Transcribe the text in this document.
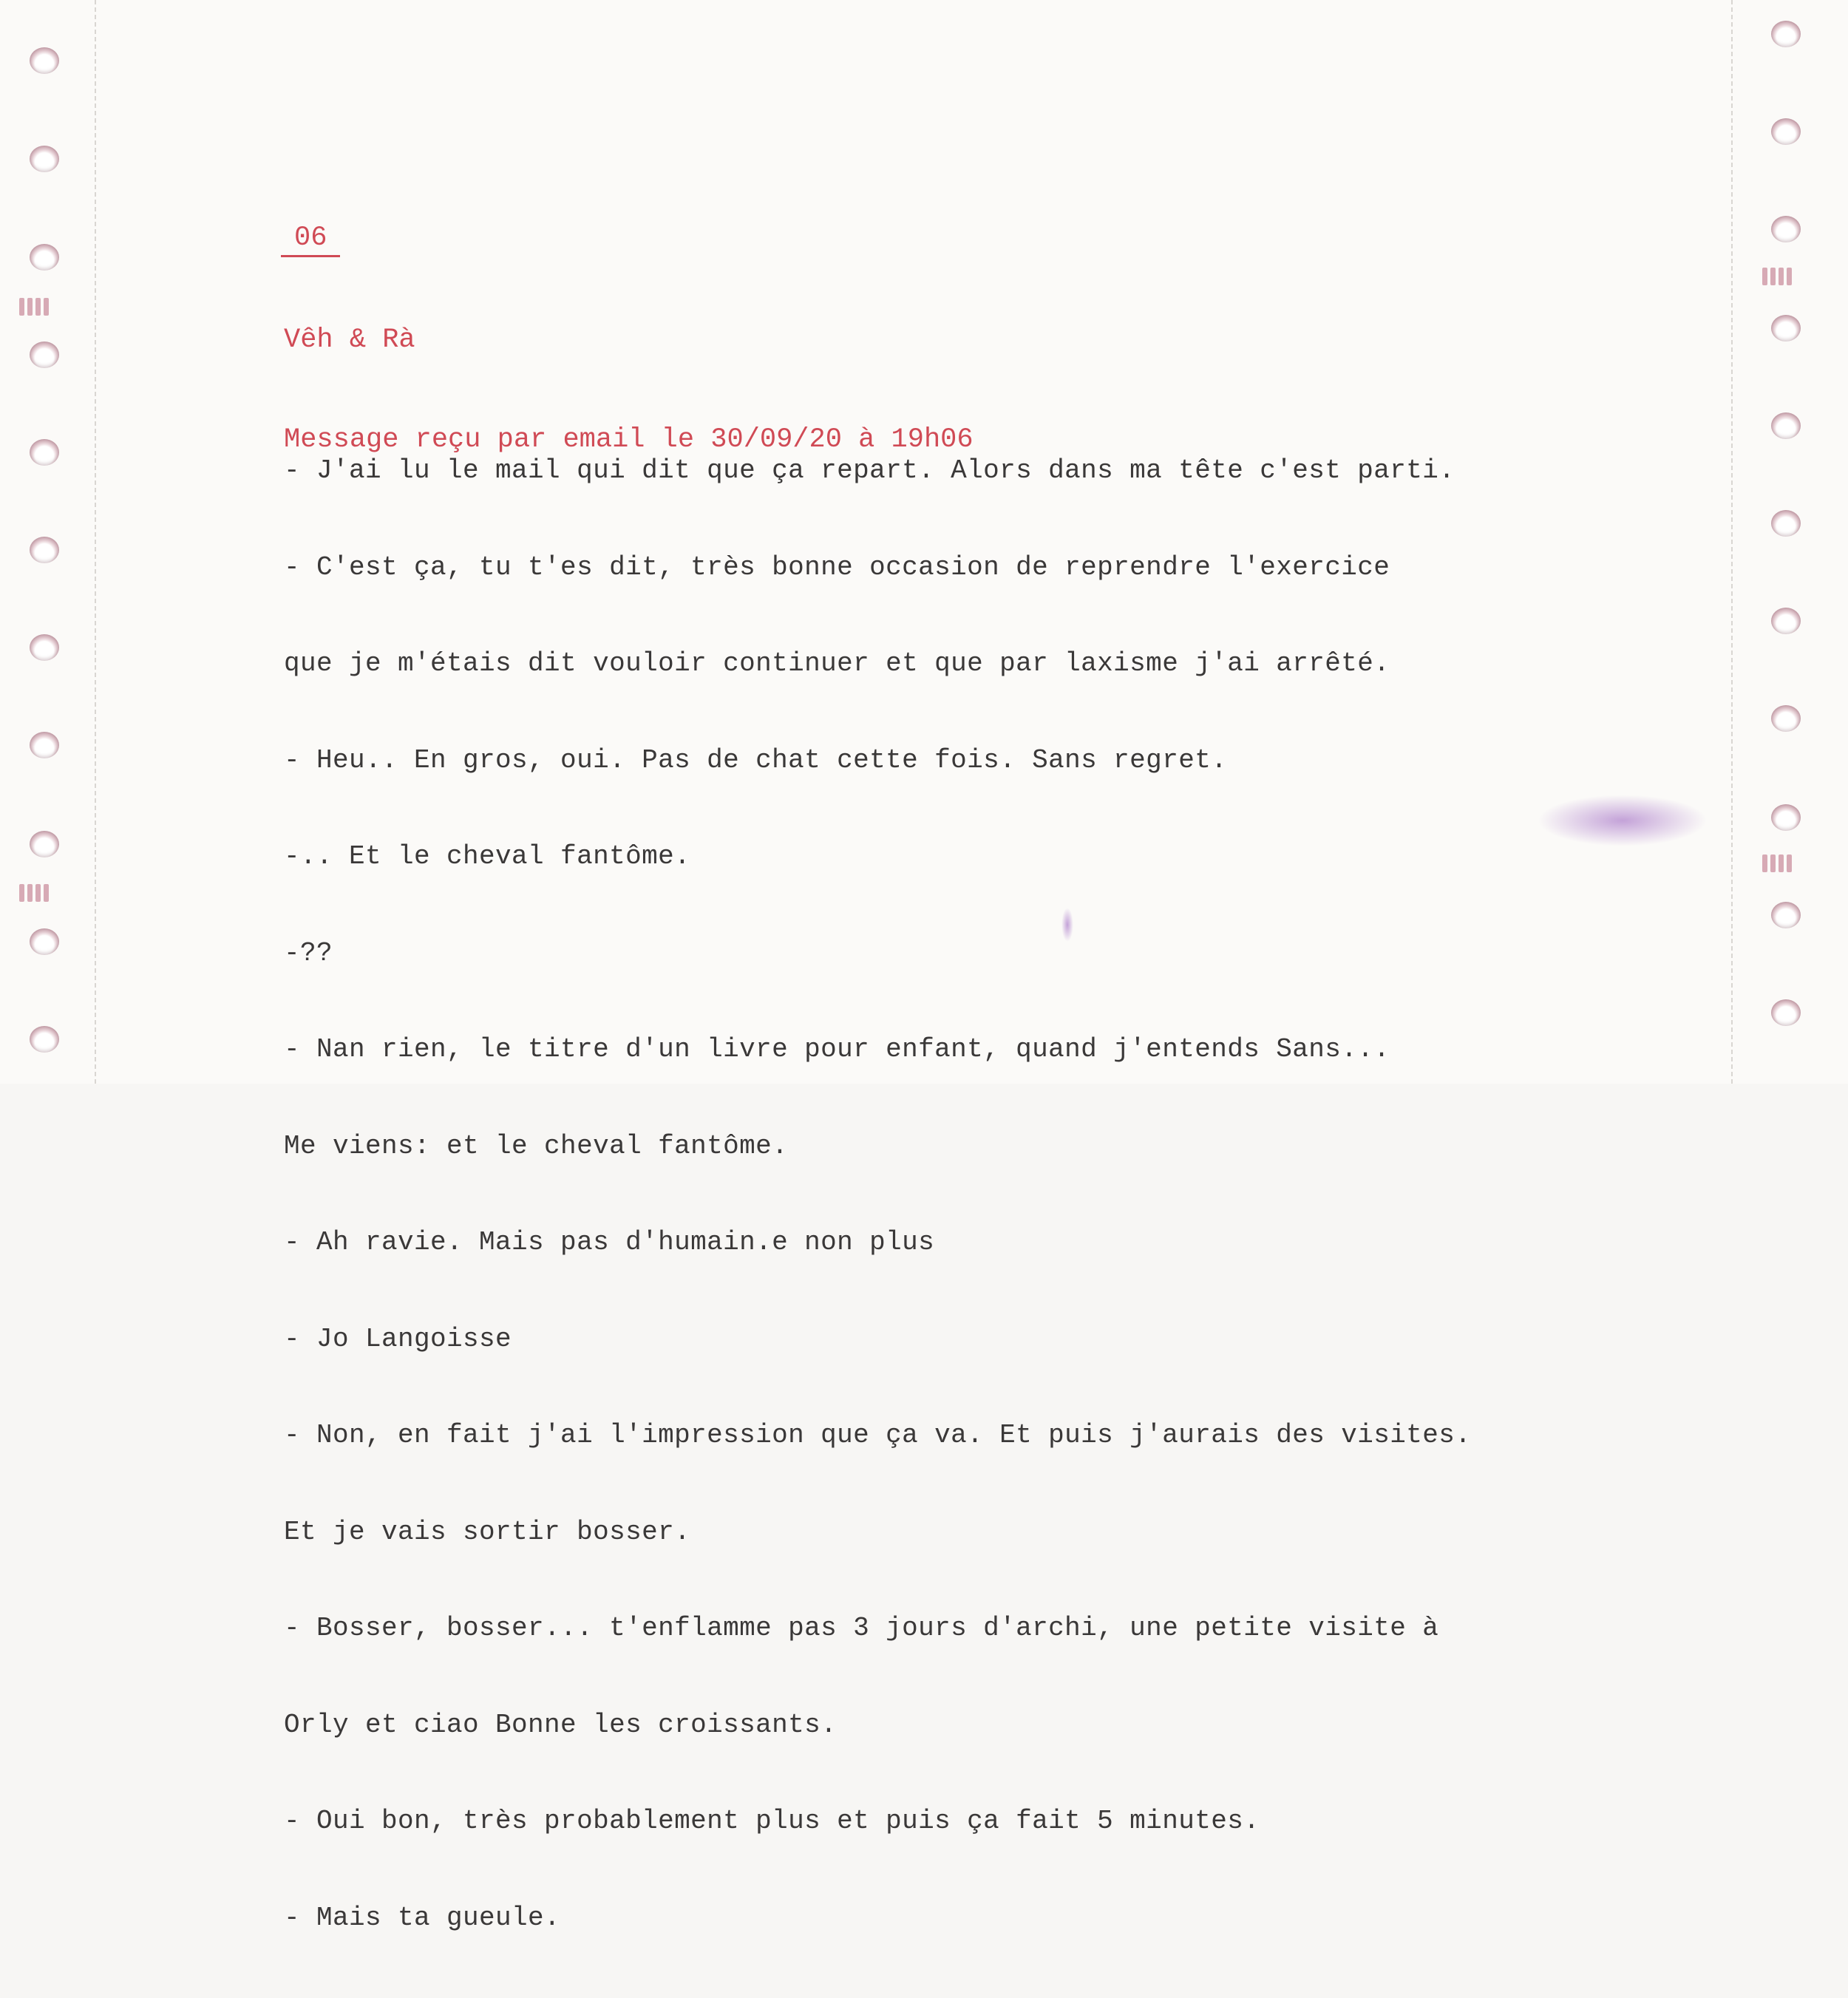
06

Vêh & Rà

Message reçu par email le 30/09/20 à 19h06

- J'ai lu le mail qui dit que ça repart. Alors dans ma tête c'est parti.

- C'est ça, tu t'es dit, très bonne occasion de reprendre l'exercice

que je m'étais dit vouloir continuer et que par laxisme j'ai arrêté.

- Heu.. En gros, oui. Pas de chat cette fois. Sans regret.

-.. Et le cheval fantôme.

-??

- Nan rien, le titre d'un livre pour enfant, quand j'entends Sans...

Me viens: et le cheval fantôme.

- Ah ravie. Mais pas d'humain.e non plus

- Jo Langoisse

- Non, en fait j'ai l'impression que ça va. Et puis j'aurais des visites.

Et je vais sortir bosser.

- Bosser, bosser... t'enflamme pas 3 jours d'archi, une petite visite à

Orly et ciao Bonne les croissants.

- Oui bon, très probablement plus et puis ça fait 5 minutes.

- Mais ta gueule.
